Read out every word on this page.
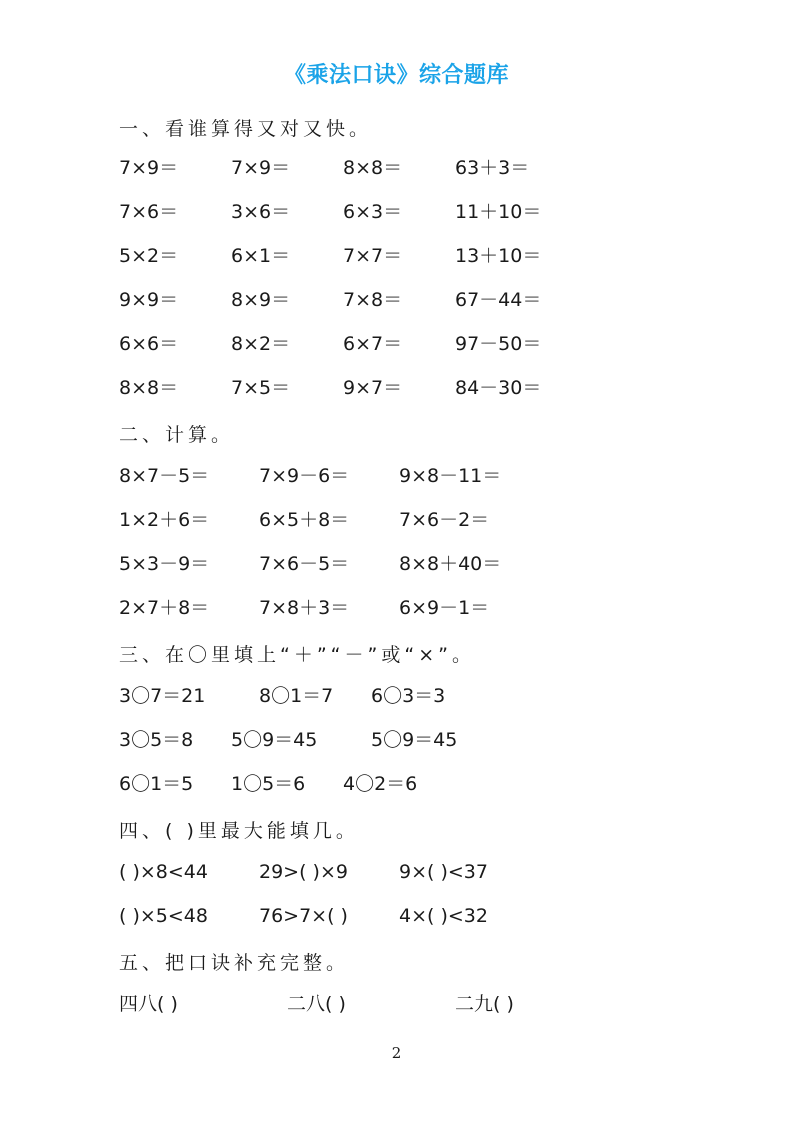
《乘法口诀》综合题库
一、看谁算得又对又快。
7×9＝	7×9＝	8×8＝	63＋3＝
7×6＝	3×6＝	6×3＝	11＋10＝
5×2＝	6×1＝	7×7＝	13＋10＝
9×9＝	8×9＝	7×8＝	67－44＝
6×6＝	8×2＝	6×7＝	97－50＝
8×8＝	7×5＝	9×7＝	84－30＝
二、计算。
8×7－5＝	7×9－6＝	9×8－11＝
1×2＋6＝	6×5＋8＝	7×6－2＝
5×3－9＝	7×6－5＝	8×8＋40＝
2×7＋8＝	7×8＋3＝	6×9－1＝
三、在〇里填上“＋”“－”或“×”。
3〇7＝21	8〇1＝7 6〇3＝3
3〇5＝8 5〇9＝45	5〇9＝45
6〇1＝5 1〇5＝6 4〇2＝6
四、( )里最大能填几。
( )×8<44	29>( )×9	9×( )<37
( )×5<48	76>7×( )	4×( )<32
五、把口诀补充完整。
四八( )	二八( )	二九( )
2
